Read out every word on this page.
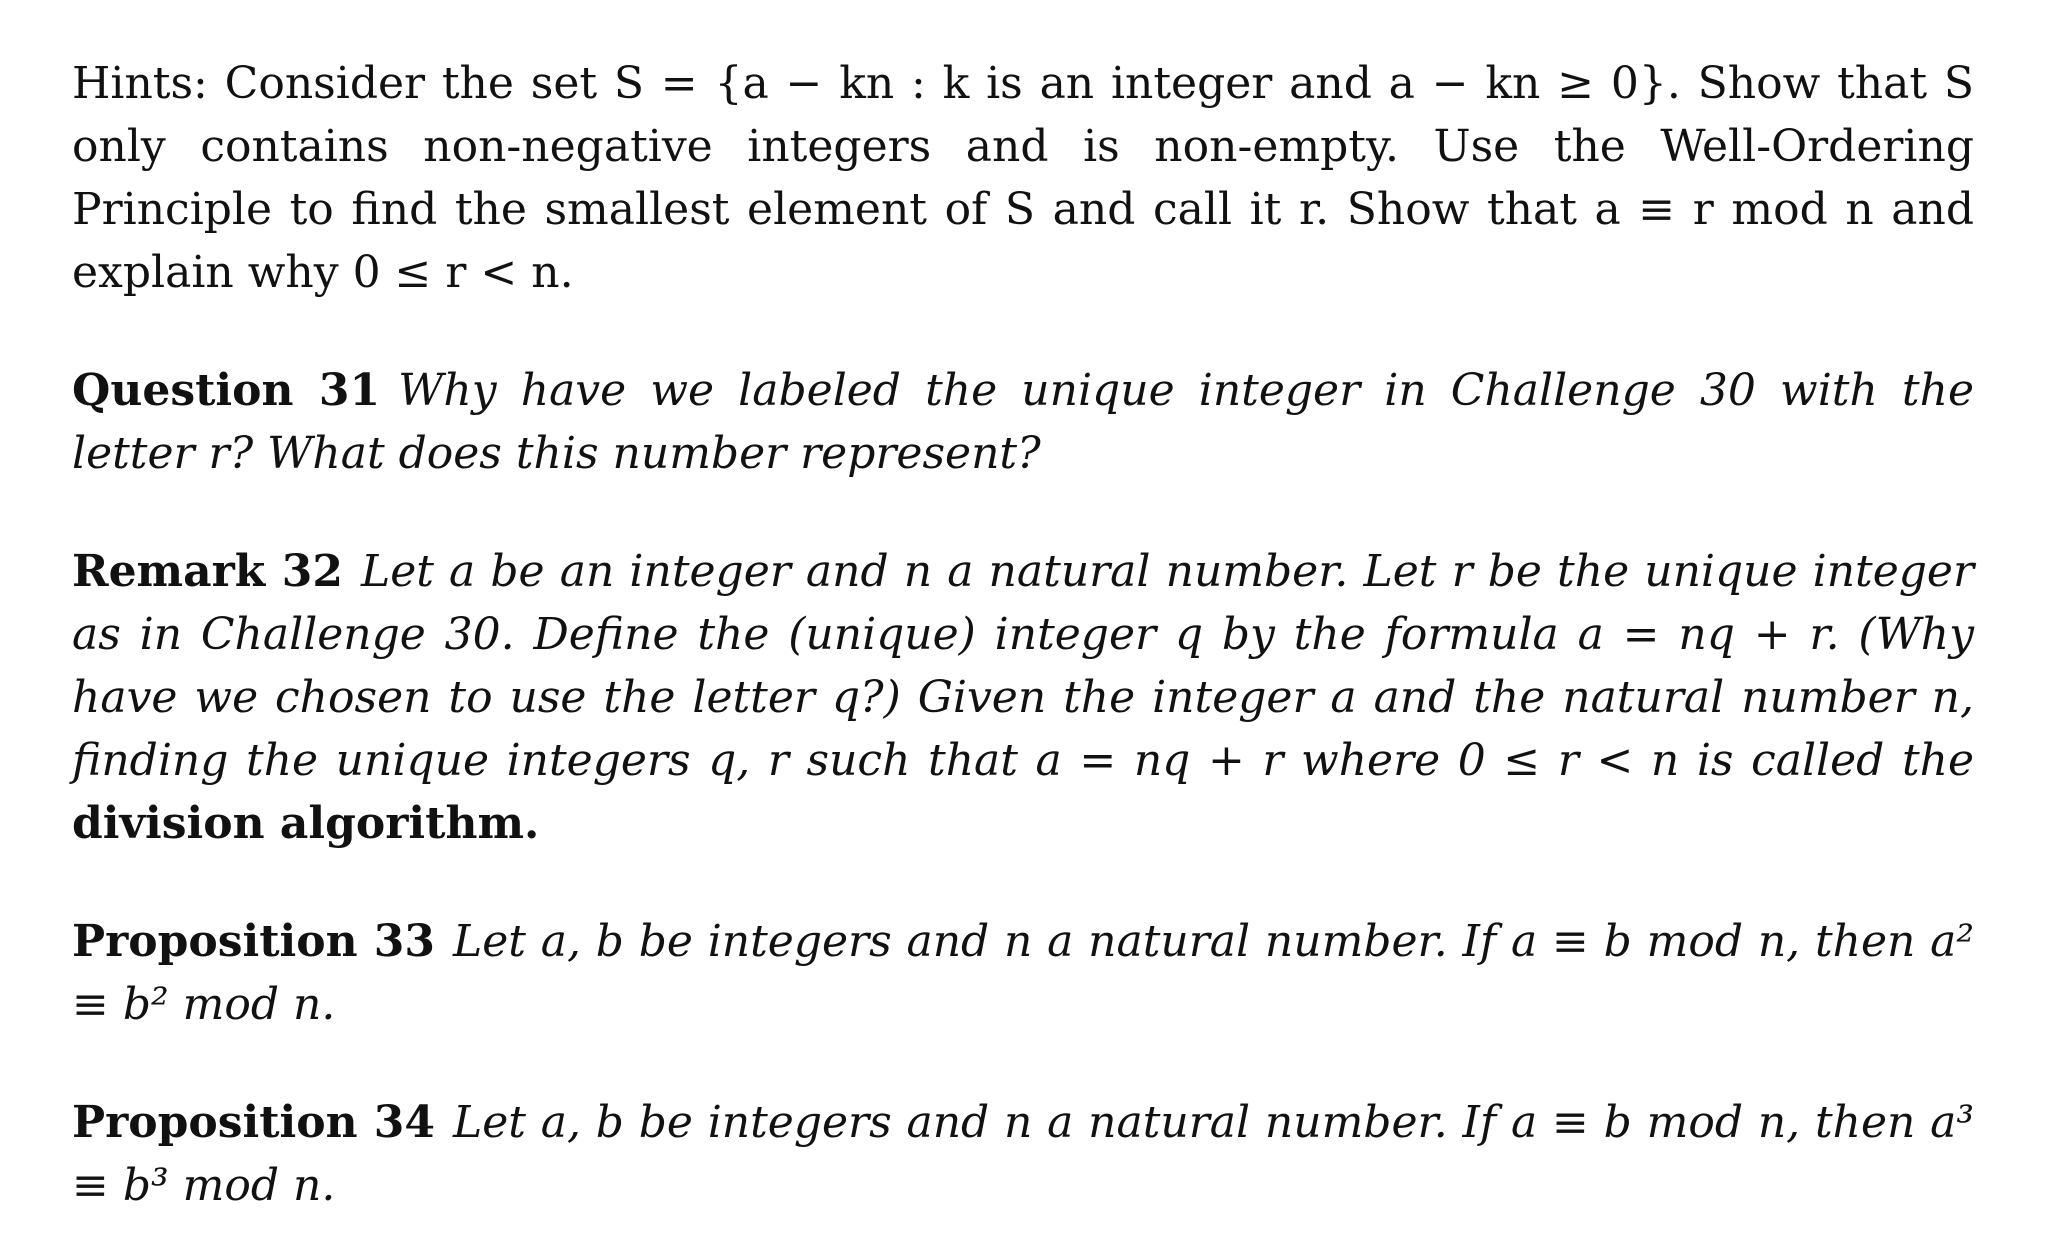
Hints: Consider the set S = {a − kn : k is an integer and a − kn ≥ 0}. Show that S only contains non-negative integers and is non-empty. Use the Well-Ordering Principle to find the smallest element of S and call it r. Show that a ≡ r mod n and explain why 0 ≤ r < n.

Question 31 Why have we labeled the unique integer in Challenge 30 with the letter r? What does this number represent?

Remark 32 Let a be an integer and n a natural number. Let r be the unique integer as in Challenge 30. Define the (unique) integer q by the formula a = nq + r. (Why have we chosen to use the letter q?) Given the integer a and the natural number n, finding the unique integers q, r such that a = nq + r where 0 ≤ r < n is called the division algorithm.

Proposition 33 Let a, b be integers and n a natural number. If a ≡ b mod n, then a² ≡ b² mod n.

Proposition 34 Let a, b be integers and n a natural number. If a ≡ b mod n, then a³ ≡ b³ mod n.
